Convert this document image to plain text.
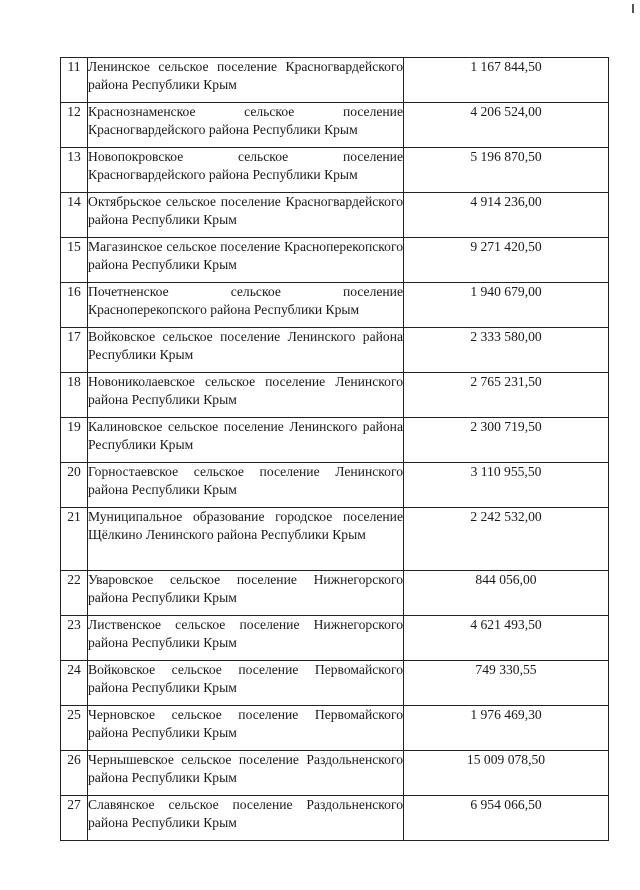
11	Ленинское сельское поселение Красногвардейского района Республики Крым	1 167 844,50
12	Краснознаменское сельское поселение Красногвардейского района Республики Крым	4 206 524,00
13	Новопокровское сельское поселение Красногвардейского района Республики Крым	5 196 870,50
14	Октябрьское сельское поселение Красногвардейского района Республики Крым	4 914 236,00
15	Магазинское сельское поселение Красноперекопского района Республики Крым	9 271 420,50
16	Почетненское сельское поселение Красноперекопского района Республики Крым	1 940 679,00
17	Войковское сельское поселение Ленинского района Республики Крым	2 333 580,00
18	Новониколаевское сельское поселение Ленинского района Республики Крым	2 765 231,50
19	Калиновское сельское поселение Ленинского района Республики Крым	2 300 719,50
20	Горностаевское сельское поселение Ленинского района Республики Крым	3 110 955,50
21	Муниципальное образование городское поселение Щёлкино Ленинского района Республики Крым	2 242 532,00
22	Уваровское сельское поселение Нижнегорского района Республики Крым	844 056,00
23	Лиственское сельское поселение Нижнегорского района Республики Крым	4 621 493,50
24	Войковское сельское поселение Первомайского района Республики Крым	749 330,55
25	Черновское сельское поселение Первомайского района Республики Крым	1 976 469,30
26	Чернышевское сельское поселение Раздольненского района Республики Крым	15 009 078,50
27	Славянское сельское поселение Раздольненского района Республики Крым	6 954 066,50
